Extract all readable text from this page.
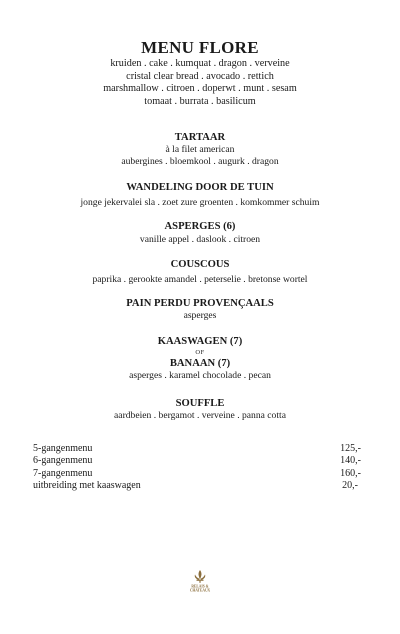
MENU FLORE
kruiden . cake . kumquat . dragon . verveine
cristal clear bread . avocado . rettich
marshmallow . citroen . doperwt . munt . sesam
tomaat . burrata . basilicum
TARTAAR
à la filet american
aubergines . bloemkool . augurk . dragon
WANDELING DOOR DE TUIN
jonge jekervalei sla . zoet zure groenten . komkommer schuim
ASPERGES (6)
vanille appel . daslook . citroen
COUSCOUS
paprika . gerookte amandel . peterselie . bretonse wortel
PAIN PERDU PROVENÇAALS
asperges
KAASWAGEN (7)
OF
BANAAN (7)
asperges . karamel chocolade . pecan
SOUFFLE
aardbeien . bergamot . verveine . panna cotta
5-gangenmenu	125,-
6-gangenmenu	140,-
7-gangenmenu	160,-
uitbreiding met kaaswagen	20,-
RELAIS &
CHATEAUX
